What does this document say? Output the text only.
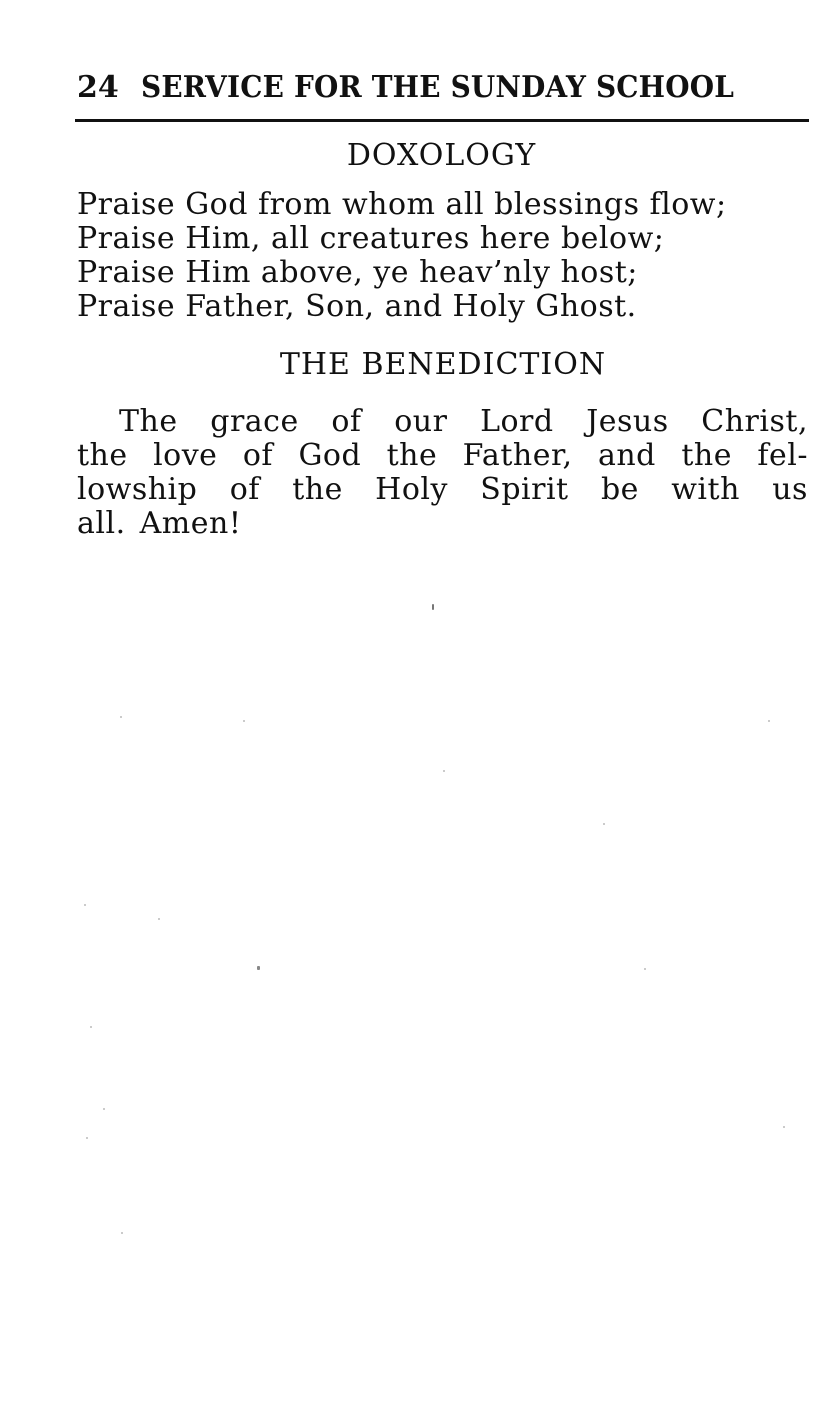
24 SERVICE FOR THE SUNDAY SCHOOL
DOXOLOGY
Praise God from whom all blessings flow;
Praise Him, all creatures here below;
Praise Him above, ye heav’nly host;
Praise Father, Son, and Holy Ghost.
THE BENEDICTION
The grace of our Lord Jesus Christ,
the love of God the Father, and the fel-
lowship of the Holy Spirit be with us
all. Amen!
